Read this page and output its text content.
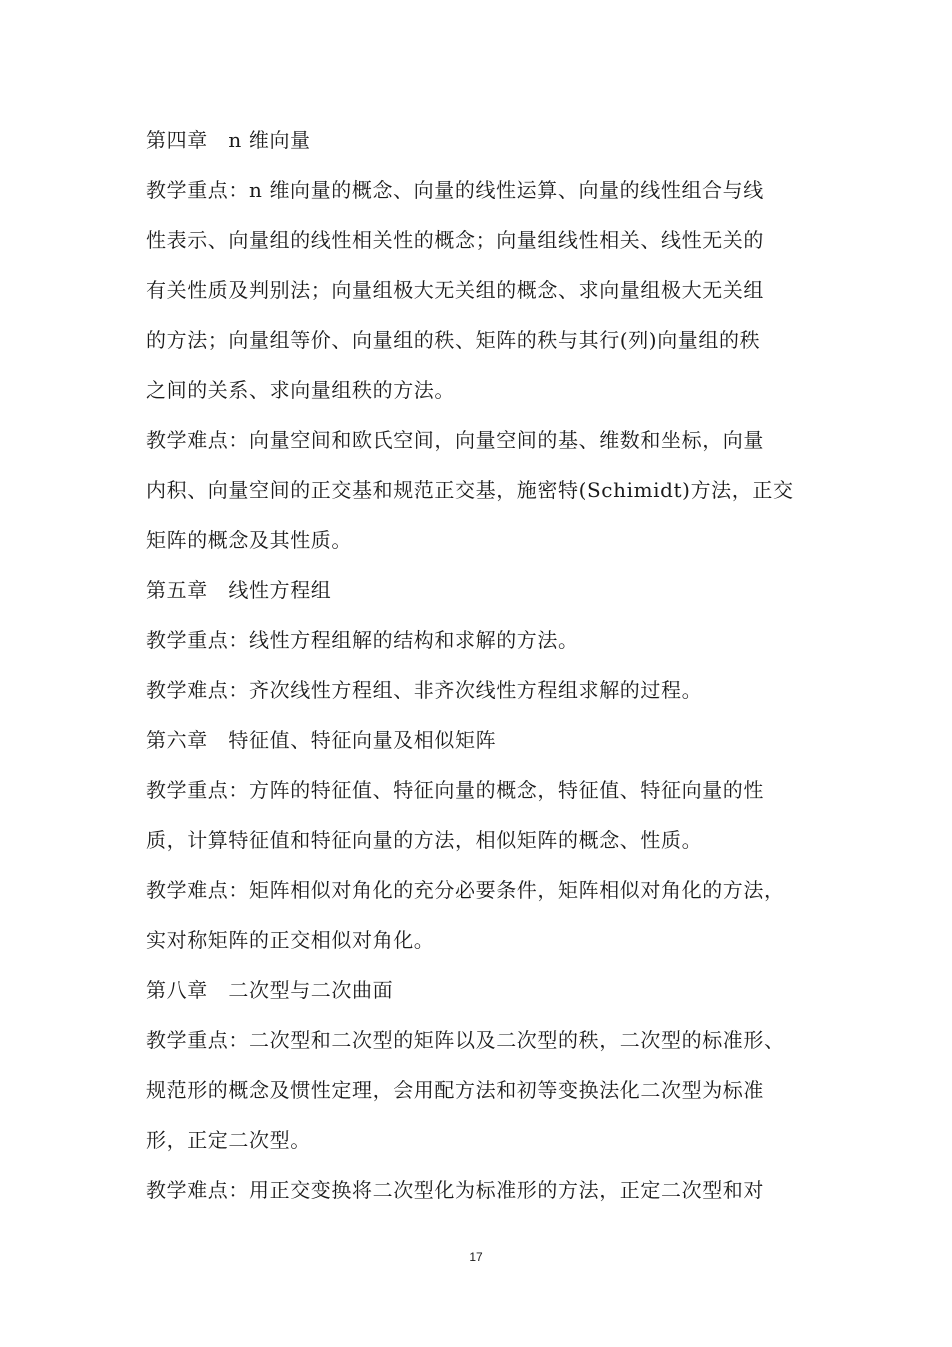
第四章　n 维向量
教学重点：n 维向量的概念、向量的线性运算、向量的线性组合与线
性表示、向量组的线性相关性的概念；向量组线性相关、线性无关的
有关性质及判别法；向量组极大无关组的概念、求向量组极大无关组
的方法；向量组等价、向量组的秩、矩阵的秩与其行(列)向量组的秩
之间的关系、求向量组秩的方法。
教学难点：向量空间和欧氏空间，向量空间的基、维数和坐标，向量
内积、向量空间的正交基和规范正交基，施密特(Schimidt)方法，正交
矩阵的概念及其性质。
第五章　线性方程组
教学重点：线性方程组解的结构和求解的方法。
教学难点：齐次线性方程组、非齐次线性方程组求解的过程。
第六章　特征值、特征向量及相似矩阵
教学重点：方阵的特征值、特征向量的概念，特征值、特征向量的性
质，计算特征值和特征向量的方法，相似矩阵的概念、性质。
教学难点：矩阵相似对角化的充分必要条件，矩阵相似对角化的方法，
实对称矩阵的正交相似对角化。
第八章　二次型与二次曲面
教学重点：二次型和二次型的矩阵以及二次型的秩，二次型的标准形、
规范形的概念及惯性定理，会用配方法和初等变换法化二次型为标准
形，正定二次型。
教学难点：用正交变换将二次型化为标准形的方法，正定二次型和对
17
